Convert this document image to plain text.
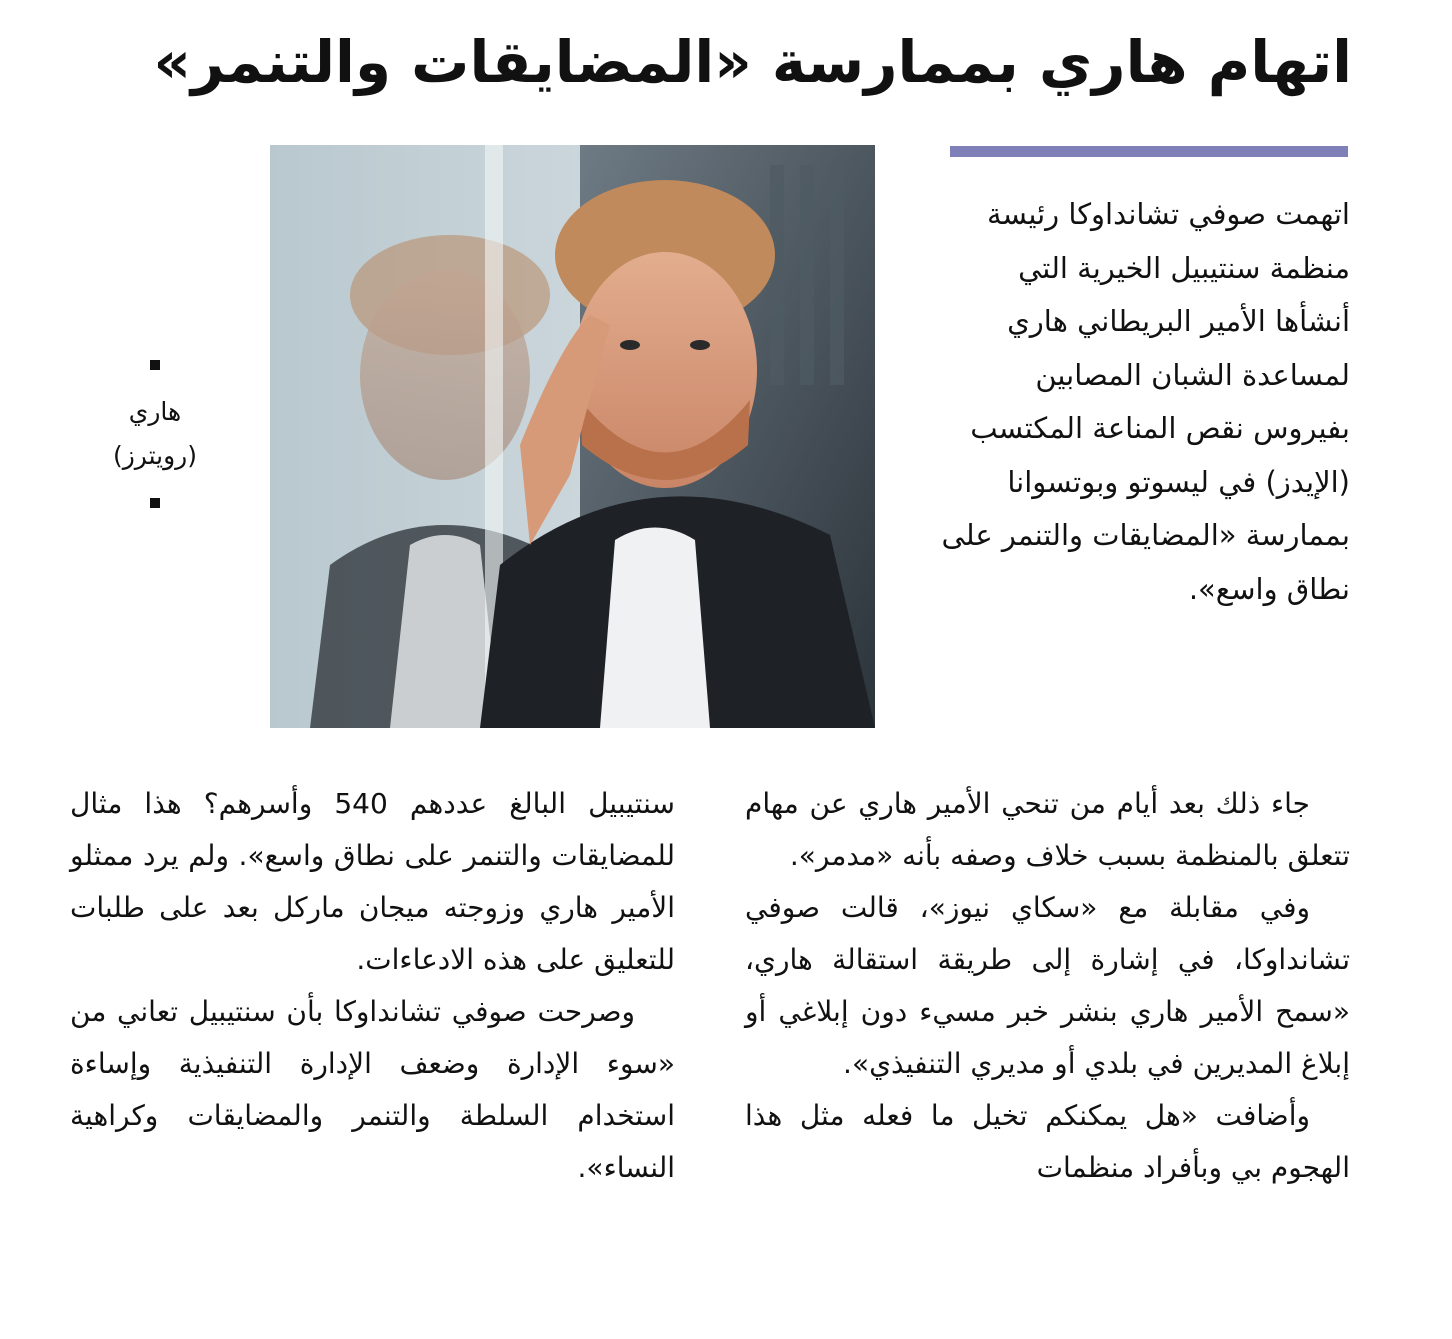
اتهام هاري بممارسة «المضايقات والتنمر»

اتهمت صوفي تشانداوكا رئيسة منظمة سنتيبيل الخيرية التي أنشأها الأمير البريطاني هاري لمساعدة الشبان المصابين بفيروس نقص المناعة المكتسب (الإيدز) في ليسوتو وبوتسوانا بممارسة «المضايقات والتنمر على نطاق واسع».

هاري
(رويترز)

جاء ذلك بعد أيام من تنحي الأمير هاري عن مهام تتعلق بالمنظمة بسبب خلاف وصفه بأنه «مدمر».

وفي مقابلة مع «سكاي نيوز»، قالت صوفي تشانداوكا، في إشارة إلى طريقة استقالة هاري، «سمح الأمير هاري بنشر خبر مسيء دون إبلاغي أو إبلاغ المديرين في بلدي أو مديري التنفيذي».

وأضافت «هل يمكنكم تخيل ما فعله مثل هذا الهجوم بي وبأفراد منظمات

سنتيبيل البالغ عددهم 540 وأسرهم؟ هذا مثال للمضايقات والتنمر على نطاق واسع». ولم يرد ممثلو الأمير هاري وزوجته ميجان ماركل بعد على طلبات للتعليق على هذه الادعاءات.

وصرحت صوفي تشانداوكا بأن سنتيبيل تعاني من «سوء الإدارة وضعف الإدارة التنفيذية وإساءة استخدام السلطة والتنمر والمضايقات وكراهية النساء».
